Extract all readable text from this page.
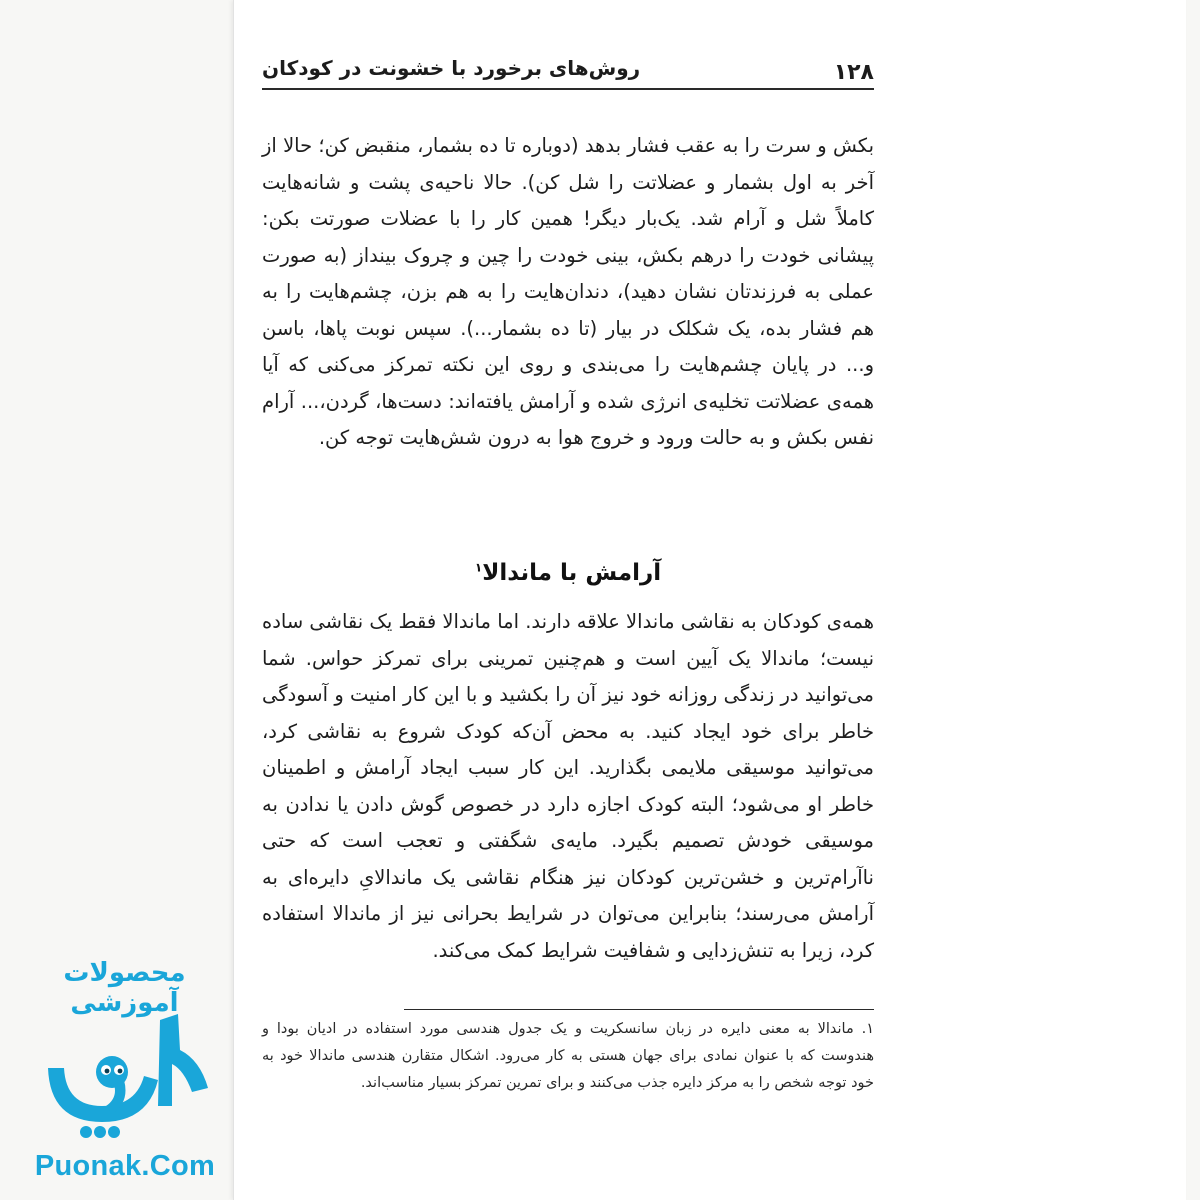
۱۲۸
روش‌های برخورد با خشونت در کودکان

بکش و سرت را به عقب فشار بدهد (دوباره تا ده بشمار، منقبض کن؛ حالا از آخر به اول بشمار و عضلاتت را شل کن). حالا ناحیه‌ی پشت و شانه‌هایت کاملاً شل و آرام شد. یک‌بار دیگر! همین کار را با عضلات صورتت بکن: پیشانی خودت را درهم بکش، بینی خودت را چین و چروک بینداز (به صورت عملی به فرزندتان نشان دهید)، دندان‌هایت را به هم بزن، چشم‌هایت را به هم فشار بده، یک شکلک در بیار (تا ده بشمار...). سپس نوبت پاها، باسن و... در پایان چشم‌هایت را می‌بندی و روی این نکته تمرکز می‌کنی که آیا همه‌ی عضلاتت تخلیه‌ی انرژی شده و آرامش یافته‌اند: دست‌ها، گردن،... آرام نفس بکش و به حالت ورود و خروج هوا به درون شش‌هایت توجه کن.

آرامش با ماندالا$^۱$

همه‌ی کودکان به نقاشی ماندالا علاقه دارند. اما ماندالا فقط یک نقاشی ساده نیست؛ ماندالا یک آیین است و هم‌چنین تمرینی برای تمرکز حواس. شما می‌توانید در زندگی روزانه خود نیز آن را بکشید و با این کار امنیت و آسودگی خاطر برای خود ایجاد کنید. به محض آن‌که کودک شروع به نقاشی کرد، می‌توانید موسیقی ملایمی بگذارید. این کار سبب ایجاد آرامش و اطمینان خاطر او می‌شود؛ البته کودک اجازه دارد در خصوص گوش دادن یا ندادن به موسیقی خودش تصمیم بگیرد. مایه‌ی شگفتی و تعجب است که حتی ناآرام‌ترین و خشن‌ترین کودکان نیز هنگام نقاشی یک ماندالایِ دایره‌ای به آرامش می‌رسند؛ بنابراین می‌توان در شرایط بحرانی نیز از ماندالا استفاده کرد، زیرا به تنش‌زدایی و شفافیت شرایط کمک می‌کند.

۱. ماندالا به معنی دایره در زبان سانسکریت و یک جدول هندسی مورد استفاده در ادیان بودا و هندوست که با عنوان نمادی برای جهان هستی به کار می‌رود. اشکال متقارن هندسی ماندالا خود به خود توجه شخص را به مرکز دایره جذب می‌کنند و برای تمرین تمرکز بسیار مناسب‌اند.

محصولات آموزشی
Puonak.Com
